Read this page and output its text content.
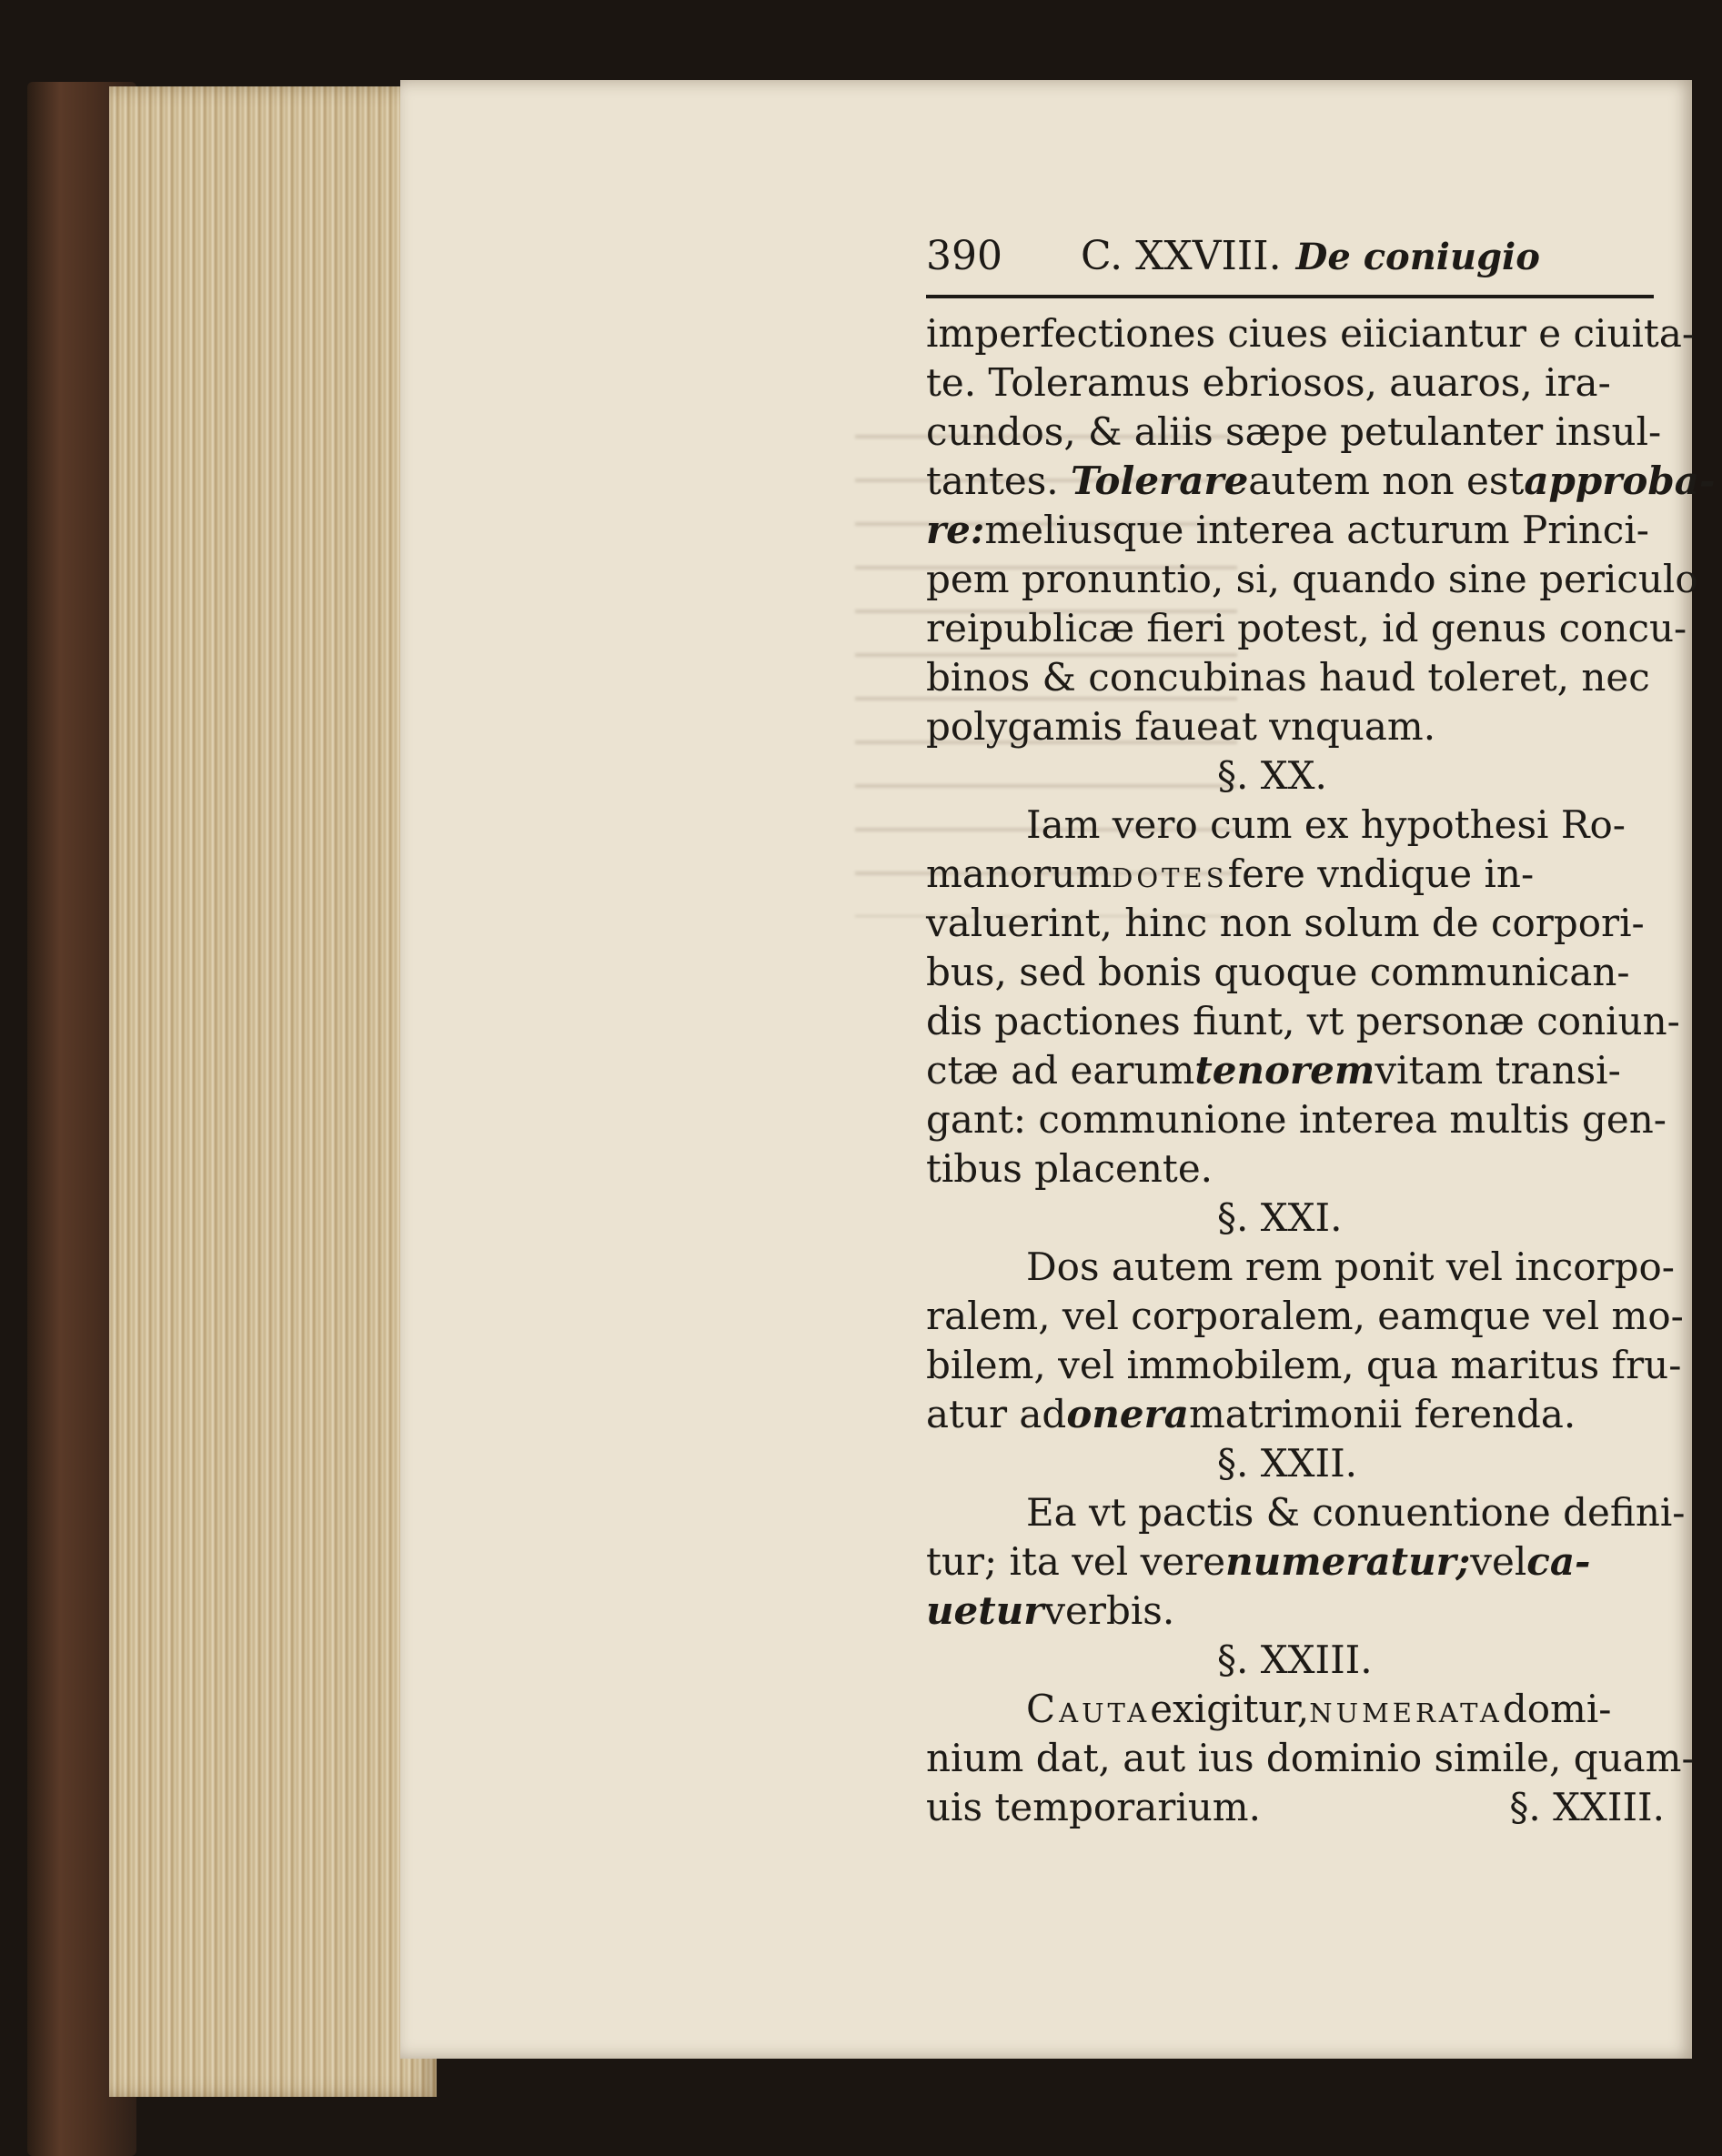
390	C. XXVIII. De coniugio
imperfectiones ciues eiiciantur e ciuita-
te. Toleramus ebriosos, auaros, ira-
cundos, & aliis sæpe petulanter insul-
tantes.
Tolerare autem non est approba-
re: meliusque interea acturum Princi-
pem pronuntio, si, quando sine periculo
reipublicæ fieri potest, id genus concu-
binos & concubinas haud toleret, nec
polygamis faueat vnquam.
§. XX.
Iam vero cum ex hypothesi Ro-
manorum dotes fere vndique in-
valuerint, hinc non solum de corpori-
bus, sed bonis quoque communican-
dis pactiones fiunt, vt personæ coniun-
ctæ ad earum tenorem vitam transi-
gant: communione interea multis gen-
tibus placente.
§. XXI.
Dos autem rem ponit vel incorpo-
ralem, vel corporalem, eamque vel mo-
bilem, vel immobilem, qua maritus fru-
atur ad onera matrimonii ferenda.
§. XXII.
Ea vt pactis & conuentione defini-
tur; ita vel vere numeratur; vel ca-
uetur verbis.
§. XXIII.
Cauta exigitur, numerata domi-
nium dat, aut ius dominio simile, quam-
uis temporarium.	§. XXIII.
